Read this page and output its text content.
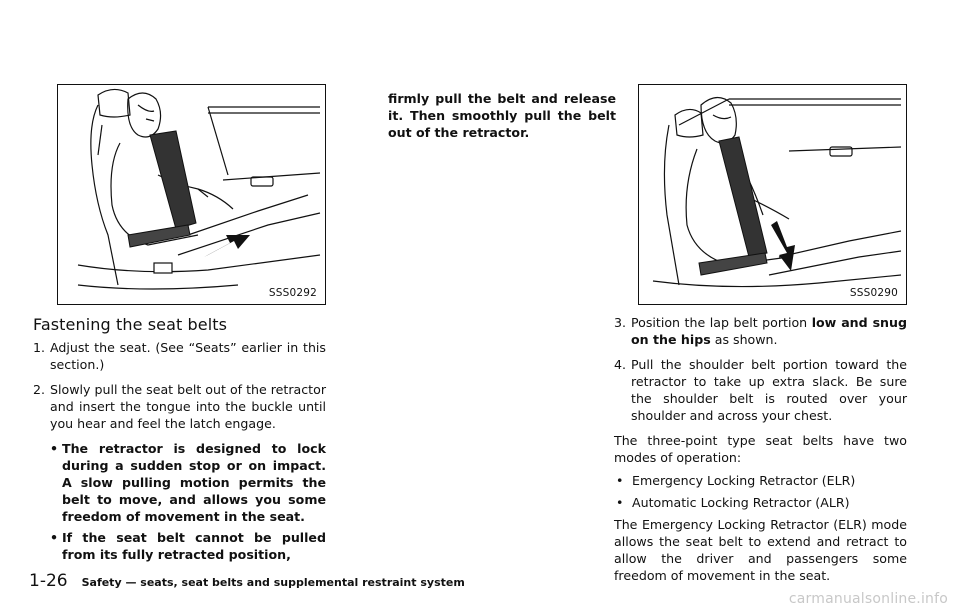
SSS0292	SSS0290
Fastening the seat belts
1. Adjust the seat. (See “Seats” earlier in this section.)
2. Slowly pull the seat belt out of the retractor and insert the tongue into the buckle until you hear and feel the latch engage.
• The retractor is designed to lock during a sudden stop or on impact. A slow pulling motion permits the belt to move, and allows you some freedom of movement in the seat.
• If the seat belt cannot be pulled from its fully retracted position,
firmly pull the belt and release it. Then smoothly pull the belt out of the retractor.
3. Position the lap belt portion low and snug on the hips as shown.
4. Pull the shoulder belt portion toward the retractor to take up extra slack. Be sure the shoulder belt is routed over your shoulder and across your chest.
The three-point type seat belts have two modes of operation:
• Emergency Locking Retractor (ELR)
• Automatic Locking Retractor (ALR)
The Emergency Locking Retractor (ELR) mode allows the seat belt to extend and retract to allow the driver and passengers some freedom of movement in the seat.
1-26 Safety — seats, seat belts and supplemental restraint system
carmanualsonline.info
